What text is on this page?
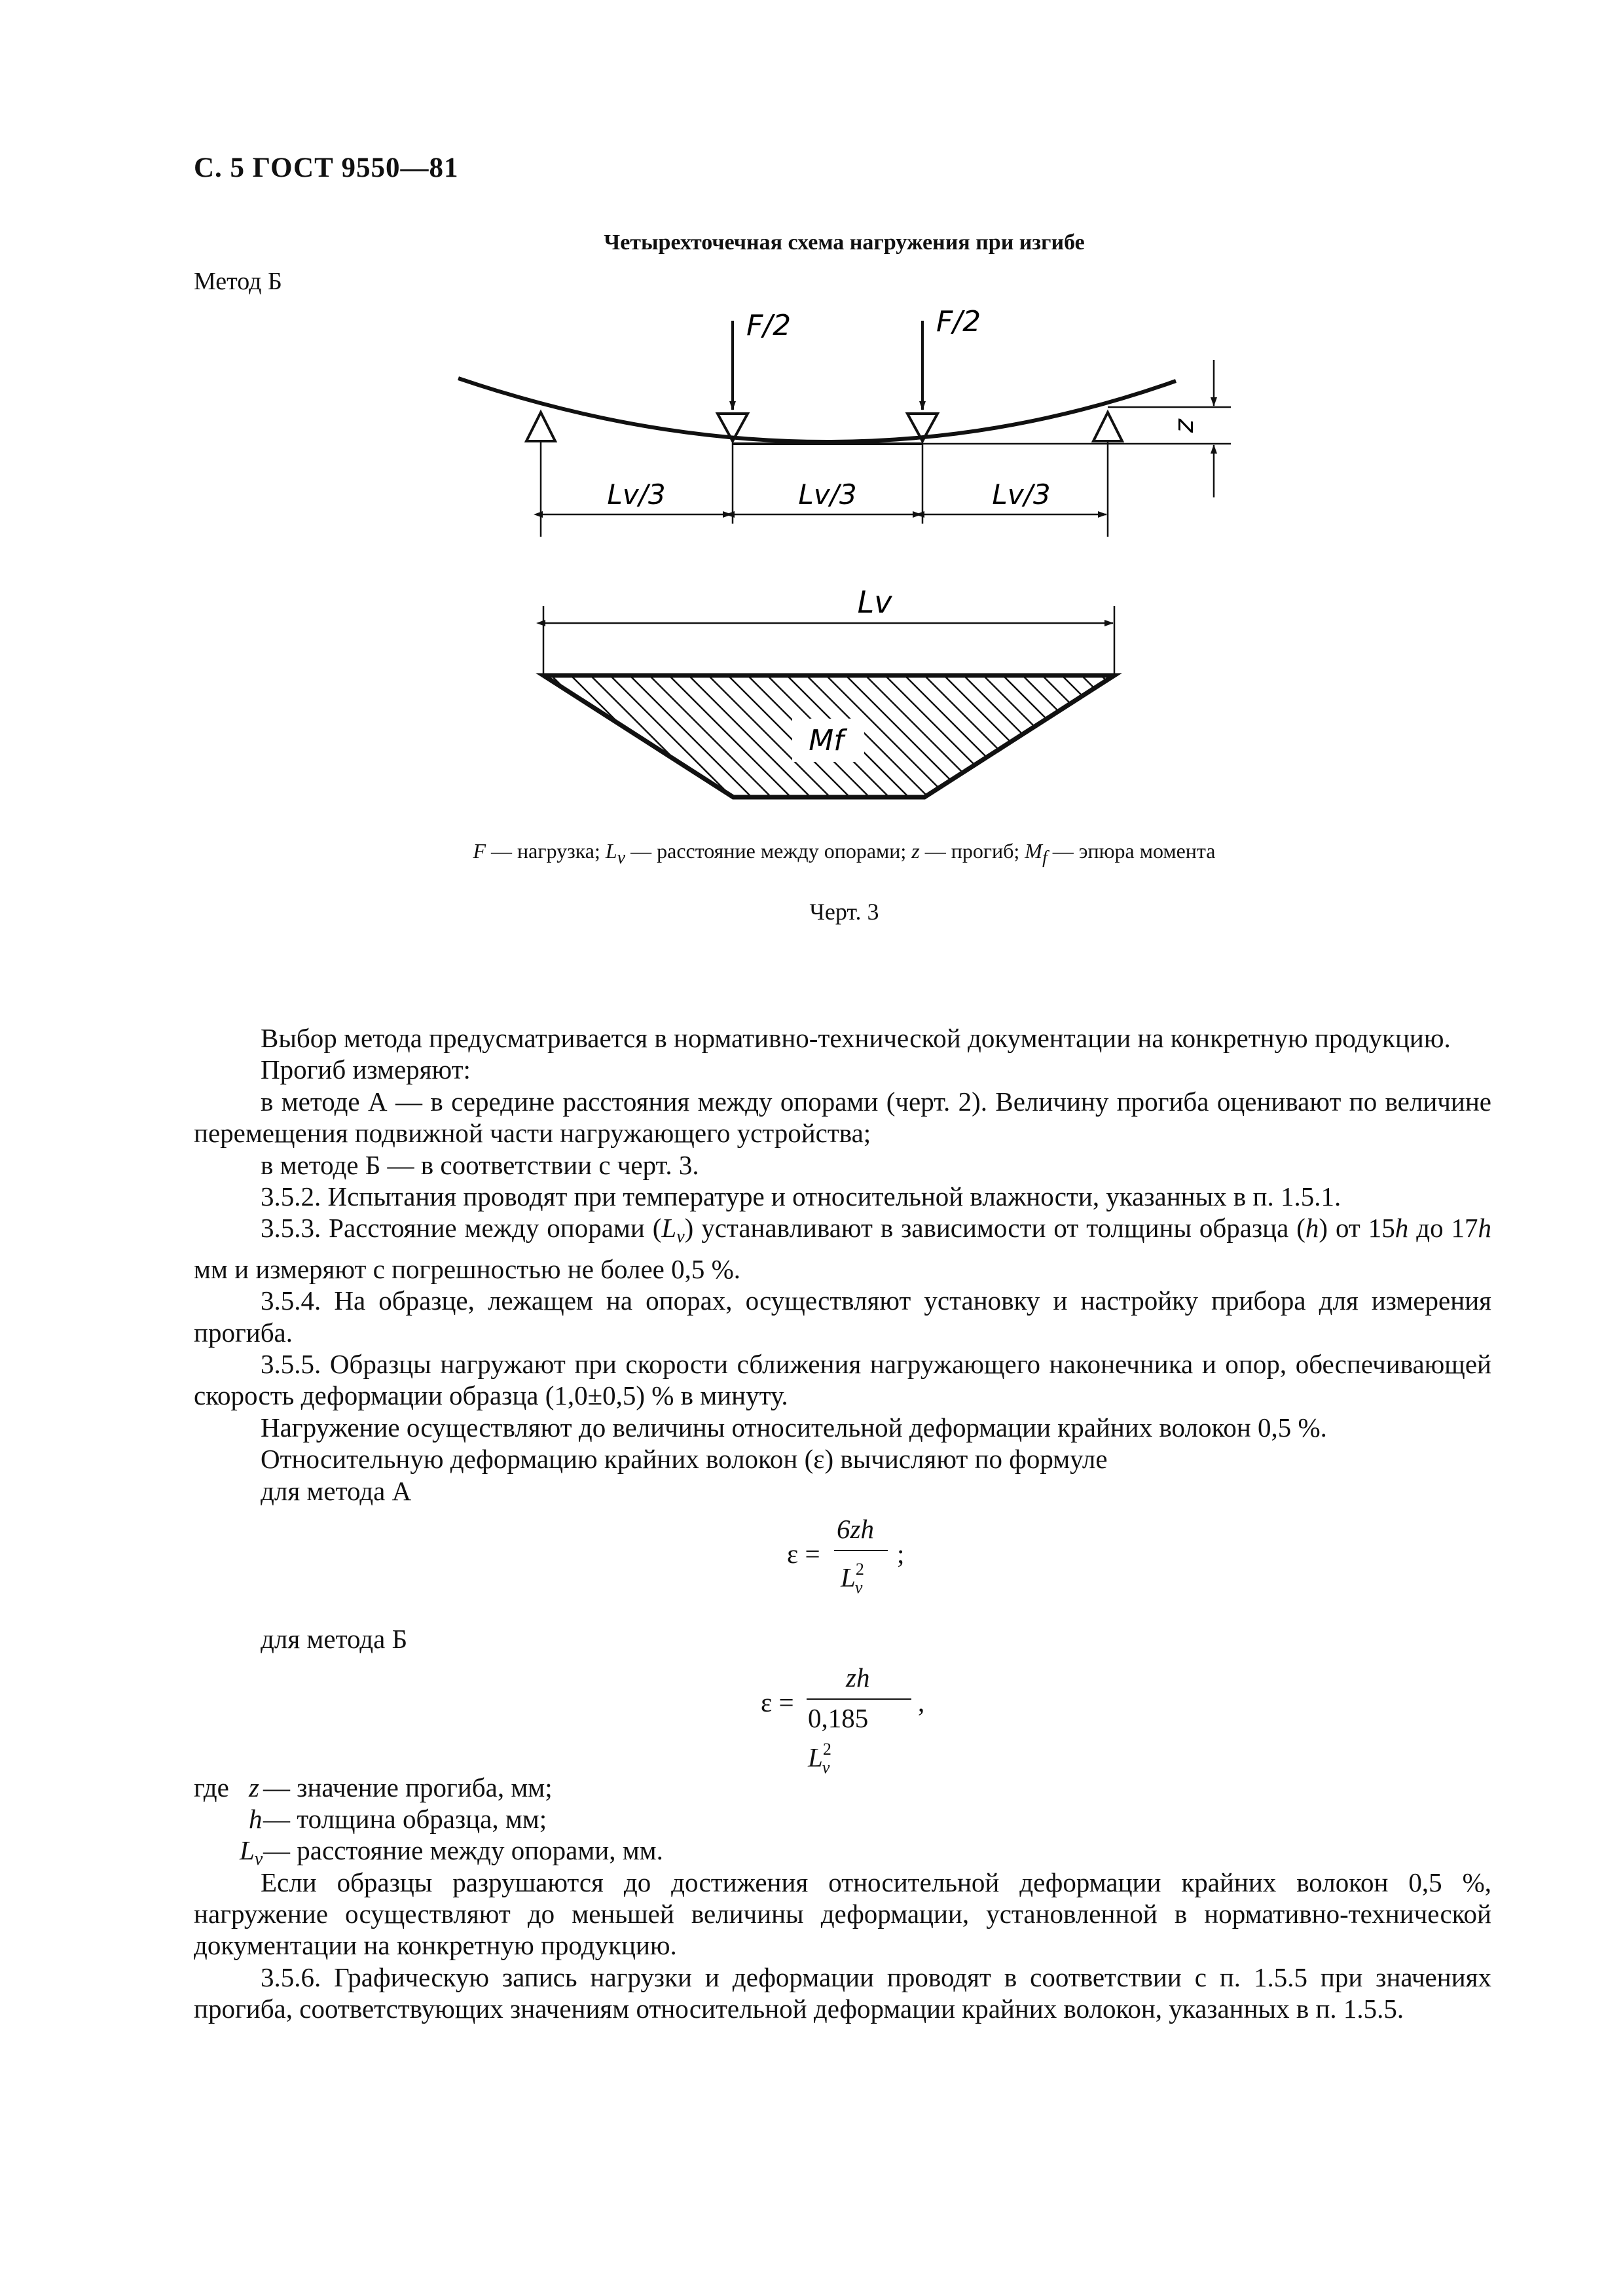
С. 5 ГОСТ 9550—81
Четырехточечная схема нагружения при изгибе
Метод Б
F/2	F/2
Lv/3	Lv/3	Lv/3
z
Lv
Mf
F — нагрузка; $L_v$ — расстояние между опорами; z — прогиб; $M_f$ — эпюра момента
Черт. 3

Выбор метода предусматривается в нормативно-технической документации на конкретную продукцию.

Прогиб измеряют:

в методе А — в середине расстояния между опорами (черт. 2). Величину прогиба оценивают по величине перемещения подвижной части нагружающего устройства;

в методе Б — в соответствии с черт. 3.

3.5.2. Испытания проводят при температуре и относительной влажности, указанных в п. 1.5.1.

3.5.3. Расстояние между опорами $(L_v)$ устанавливают в зависимости от толщины образца (h) от 15h до 17h мм и измеряют с погрешностью не более 0,5 %.

3.5.4. На образце, лежащем на опорах, осуществляют установку и настройку прибора для измерения прогиба.

3.5.5. Образцы нагружают при скорости сближения нагружающего наконечника и опор, обеспечивающей скорость деформации образца (1,0±0,5) % в минуту.

Нагружение осуществляют до величины относительной деформации крайних волокон 0,5 %.

Относительную деформацию крайних волокон (ε) вычисляют по формуле

для метода А

ε =
6zh
$L^2_v$
;

для метода Б

ε =
zh
0,185 $L^2_v$
,
где z — значение прогиба, мм;
h — толщина образца, мм;
$L_v$ — расстояние между опорами, мм.

Если образцы разрушаются до достижения относительной деформации крайних волокон 0,5 %, нагружение осуществляют до меньшей величины деформации, установленной в нормативно-технической документации на конкретную продукцию.

3.5.6. Графическую запись нагрузки и деформации проводят в соответствии с п. 1.5.5 при значениях прогиба, соответствующих значениям относительной деформации крайних волокон, указанных в п. 1.5.5.
